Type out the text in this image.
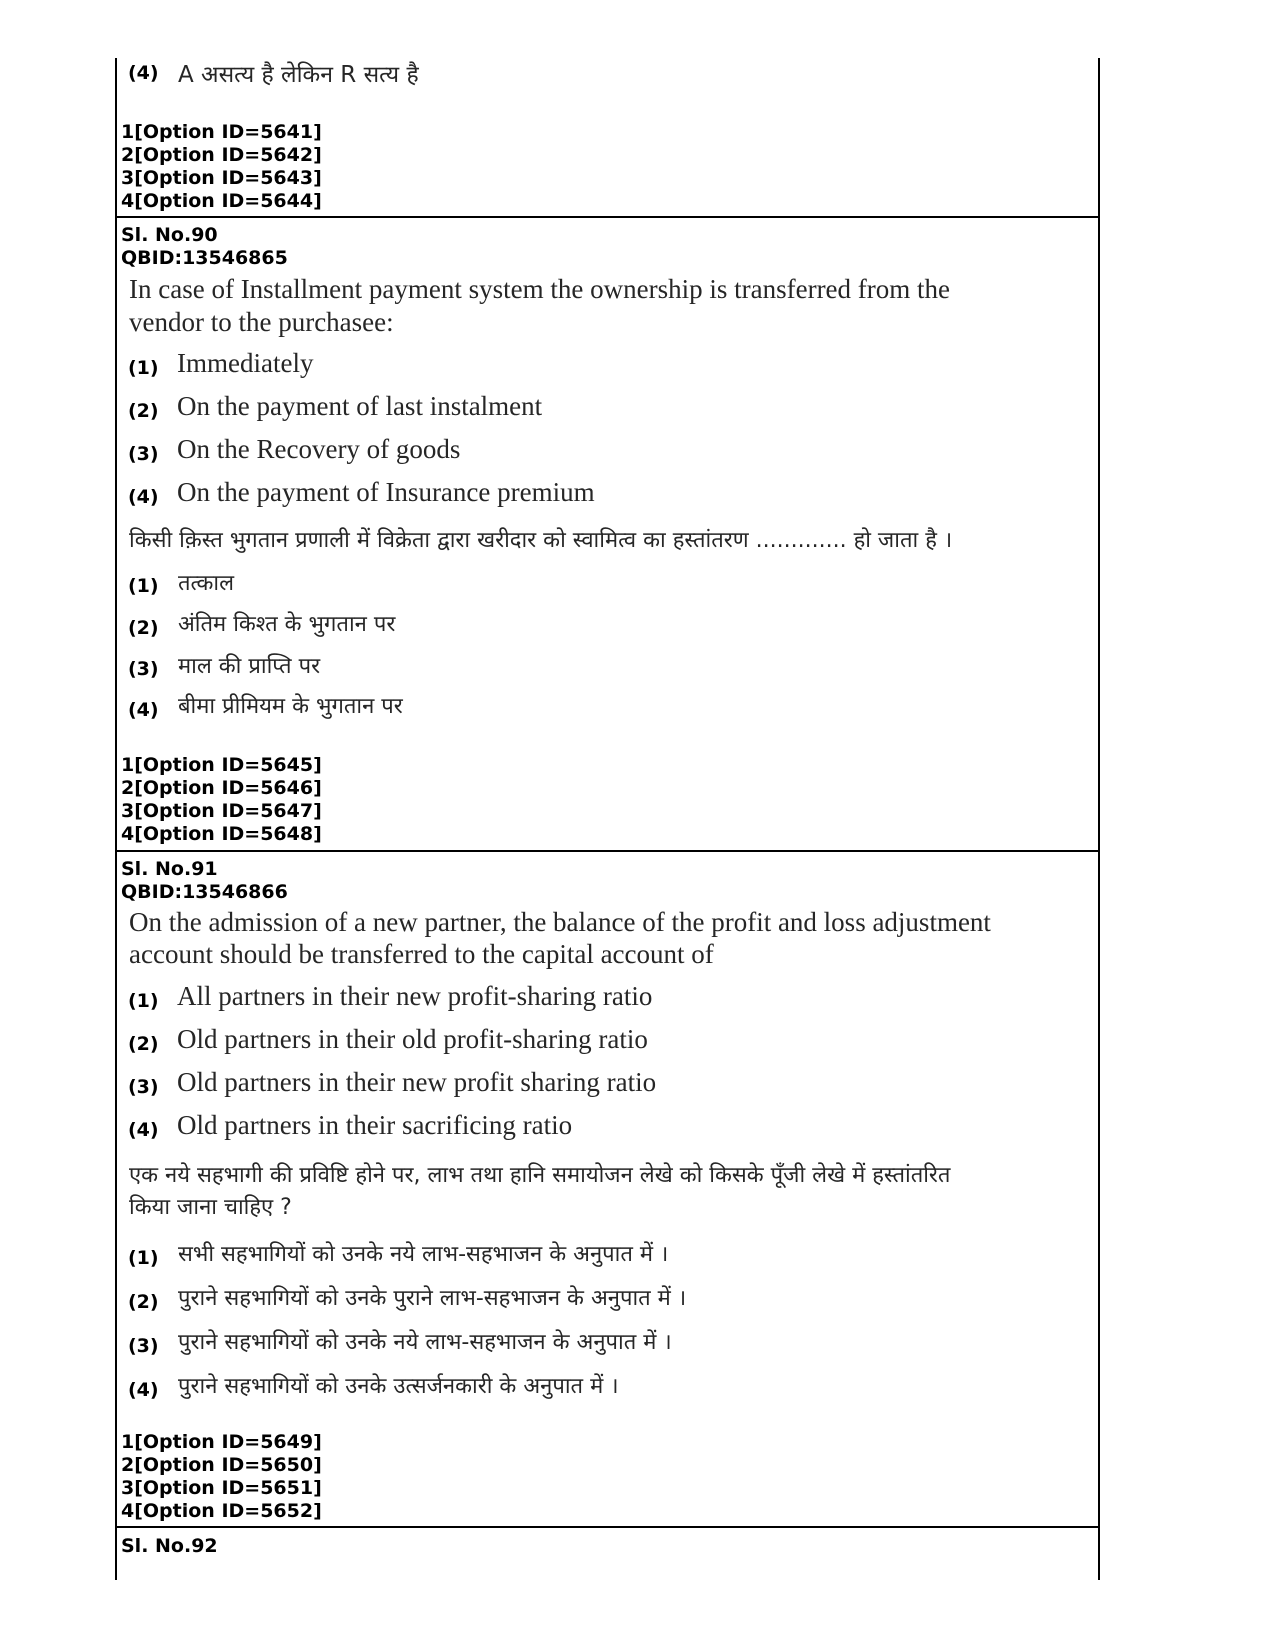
(4) A असत्य है लेकिन R सत्य है
1[Option ID=5641]
2[Option ID=5642]
3[Option ID=5643]
4[Option ID=5644]
Sl. No.90
QBID:13546865
In case of Installment payment system the ownership is transferred from the
vendor to the purchasee:
(1) Immediately
(2) On the payment of last instalment
(3) On the Recovery of goods
(4) On the payment of Insurance premium
किसी क़िस्त भुगतान प्रणाली में विक्रेता द्वारा खरीदार को स्वामित्व का हस्तांतरण ............. हो जाता है ।
(1) तत्काल
(2) अंतिम किश्त के भुगतान पर
(3) माल की प्राप्ति पर
(4) बीमा प्रीमियम के भुगतान पर
1[Option ID=5645]
2[Option ID=5646]
3[Option ID=5647]
4[Option ID=5648]
Sl. No.91
QBID:13546866
On the admission of a new partner, the balance of the profit and loss adjustment
account should be transferred to the capital account of
(1) All partners in their new profit-sharing ratio
(2) Old partners in their old profit-sharing ratio
(3) Old partners in their new profit sharing ratio
(4) Old partners in their sacrificing ratio
एक नये सहभागी की प्रविष्टि होने पर, लाभ तथा हानि समायोजन लेखे को किसके पूँजी लेखे में हस्तांतरित
किया जाना चाहिए ?
(1) सभी सहभागियों को उनके नये लाभ-सहभाजन के अनुपात में ।
(2) पुराने सहभागियों को उनके पुराने लाभ-सहभाजन के अनुपात में ।
(3) पुराने सहभागियों को उनके नये लाभ-सहभाजन के अनुपात में ।
(4) पुराने सहभागियों को उनके उत्सर्जनकारी के अनुपात में ।
1[Option ID=5649]
2[Option ID=5650]
3[Option ID=5651]
4[Option ID=5652]
Sl. No.92
